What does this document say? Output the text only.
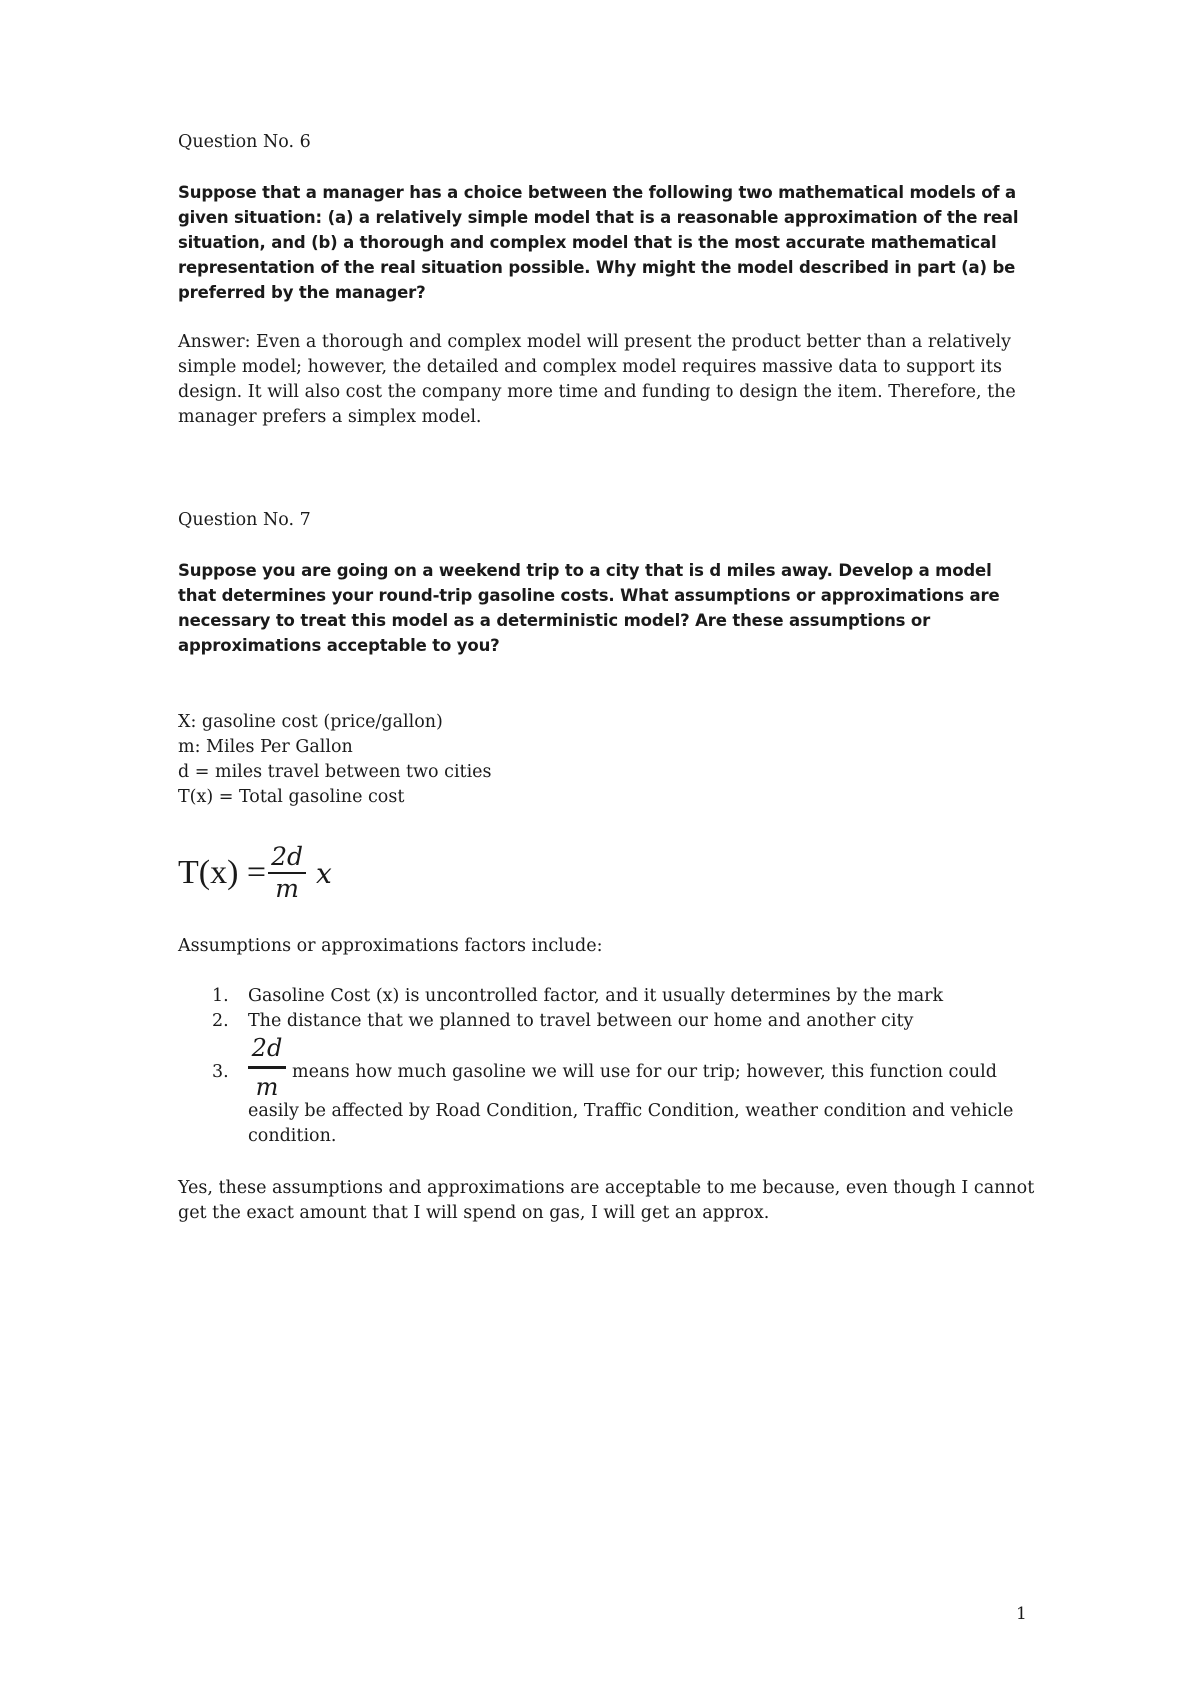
Question No. 6
Suppose that a manager has a choice between the following two mathematical models of a
given situation: (a) a relatively simple model that is a reasonable approximation of the real
situation, and (b) a thorough and complex model that is the most accurate mathematical
representation of the real situation possible. Why might the model described in part (a) be
preferred by the manager?
Answer: Even a thorough and complex model will present the product better than a relatively
simple model; however, the detailed and complex model requires massive data to support its
design. It will also cost the company more time and funding to design the item. Therefore, the
manager prefers a simplex model.
Question No. 7
Suppose you are going on a weekend trip to a city that is d miles away. Develop a model
that determines your round-trip gasoline costs. What assumptions or approximations are
necessary to treat this model as a deterministic model? Are these assumptions or
approximations acceptable to you?
X: gasoline cost (price/gallon)
m: Miles Per Gallon
d = miles travel between two cities
T(x) = Total gasoline cost
$T(x) = \frac{2d}{m}$ x
Assumptions or approximations factors include:
1.	Gasoline Cost (x) is uncontrolled factor, and it usually determines by the mark
2.	The distance that we planned to travel between our home and another city
2d
m
3.	means how much gasoline we will use for our trip; however, this function could
easily be affected by Road Condition, Traffic Condition, weather condition and vehicle
condition.
Yes, these assumptions and approximations are acceptable to me because, even though I cannot
get the exact amount that I will spend on gas, I will get an approx.
1
